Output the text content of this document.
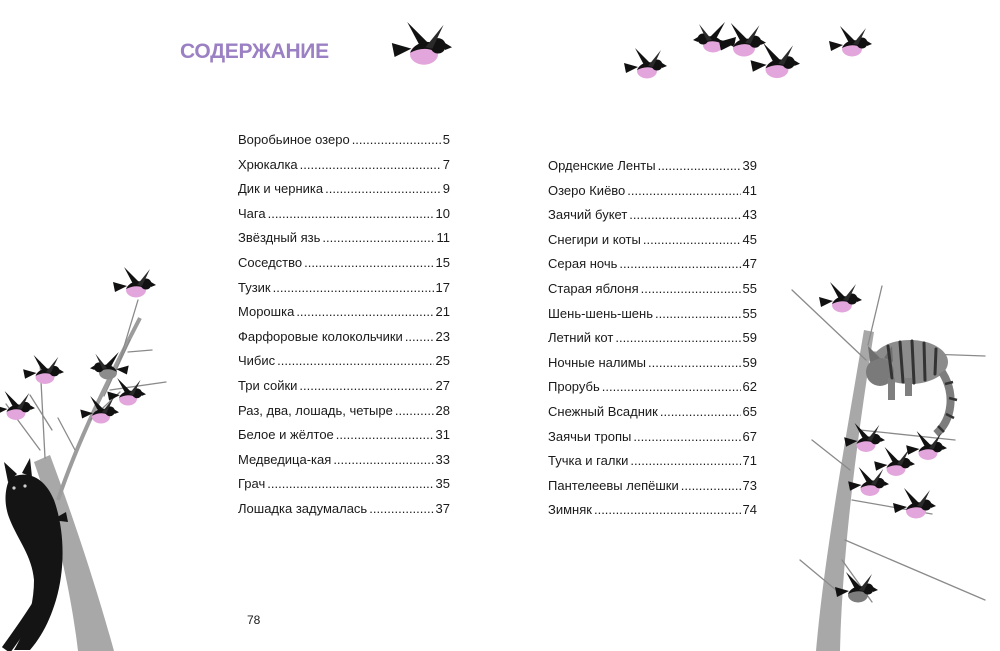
СОДЕРЖАНИЕ
Воробьиное озеро .....	5
Хрюкалка .....	7
Дик и черника .....	9
Чага .....	10
Звёздный язь .....	11
Соседство .....	15
Тузик .....	17
Морошка .....	21
Фарфоровые колокольчики .....	23
Чибис .....	25
Три сойки .....	27
Раз, два, лошадь, четыре .....	28
Белое и жёлтое .....	31
Медведица-кая .....	33
Грач .....	35
Лошадка задумалась .....	37
Орденские Ленты .....	39
Озеро Киёво .....	41
Заячий букет .....	43
Снегири и коты .....	45
Серая ночь .....	47
Старая яблоня .....	55
Шень-шень-шень .....	55
Летний кот .....	59
Ночные налимы .....	59
Прорубь .....	62
Снежный Всадник .....	65
Заячьи тропы .....	67
Тучка и галки .....	71
Пантелеевы лепёшки .....	73
Зимняк .....	74
78
